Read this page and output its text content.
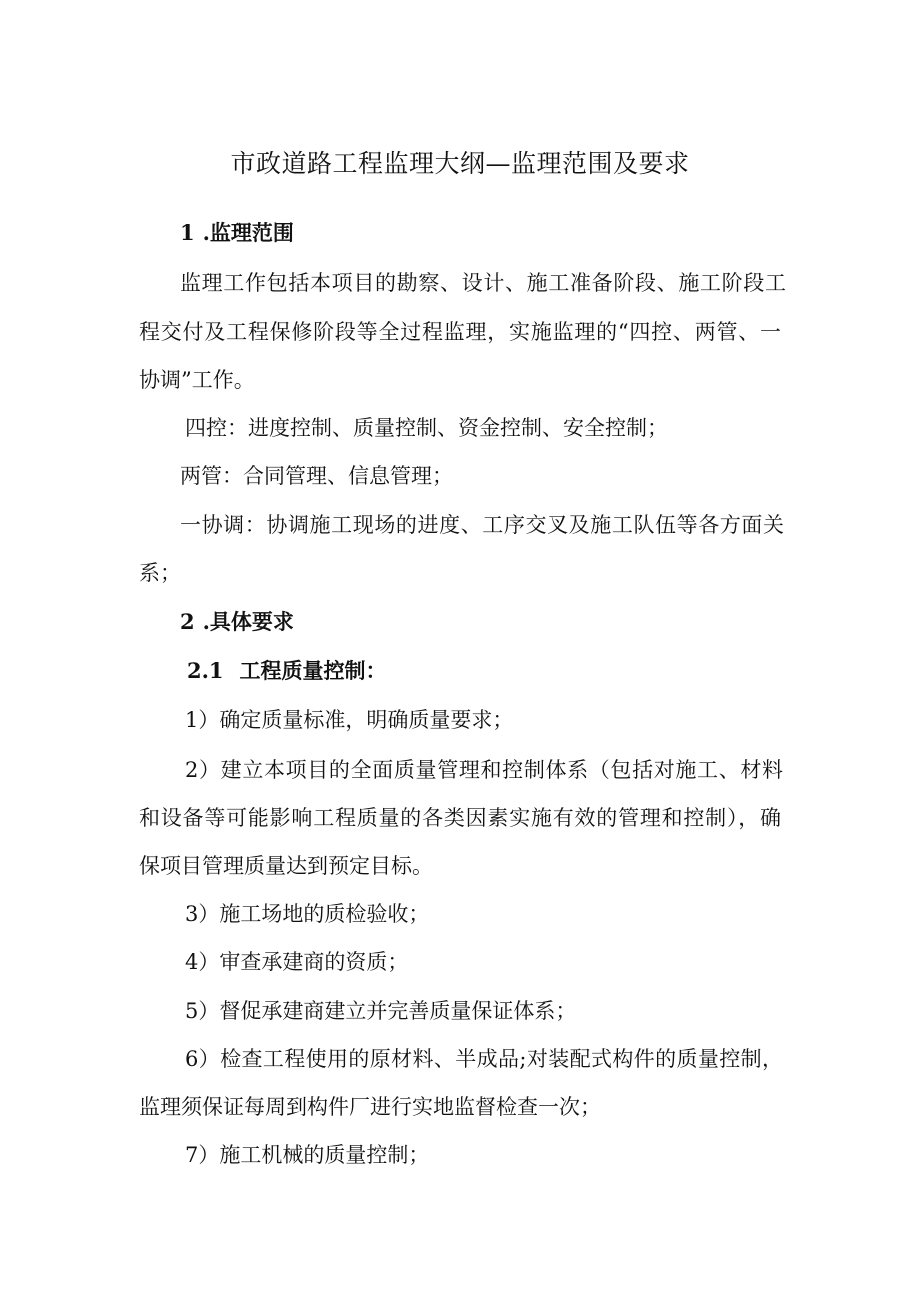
市政道路工程监理大纲—监理范围及要求
1 .监理范围
监理工作包括本项目的勘察、设计、施工准备阶段、施工阶段工
程交付及工程保修阶段等全过程监理，实施监理的“四控、两管、一
协调”工作。
四控：进度控制、质量控制、资金控制、安全控制；
两管：合同管理、信息管理；
一协调：协调施工现场的进度、工序交叉及施工队伍等各方面关
系；
2 .具体要求
2.1 工程质量控制：
1）确定质量标准，明确质量要求；
2）建立本项目的全面质量管理和控制体系（包括对施工、材料
和设备等可能影响工程质量的各类因素实施有效的管理和控制），确
保项目管理质量达到预定目标。
3）施工场地的质检验收；
4）审查承建商的资质；
5）督促承建商建立并完善质量保证体系；
6）检查工程使用的原材料、半成品;对装配式构件的质量控制，
监理须保证每周到构件厂进行实地监督检查一次；
7）施工机械的质量控制；
